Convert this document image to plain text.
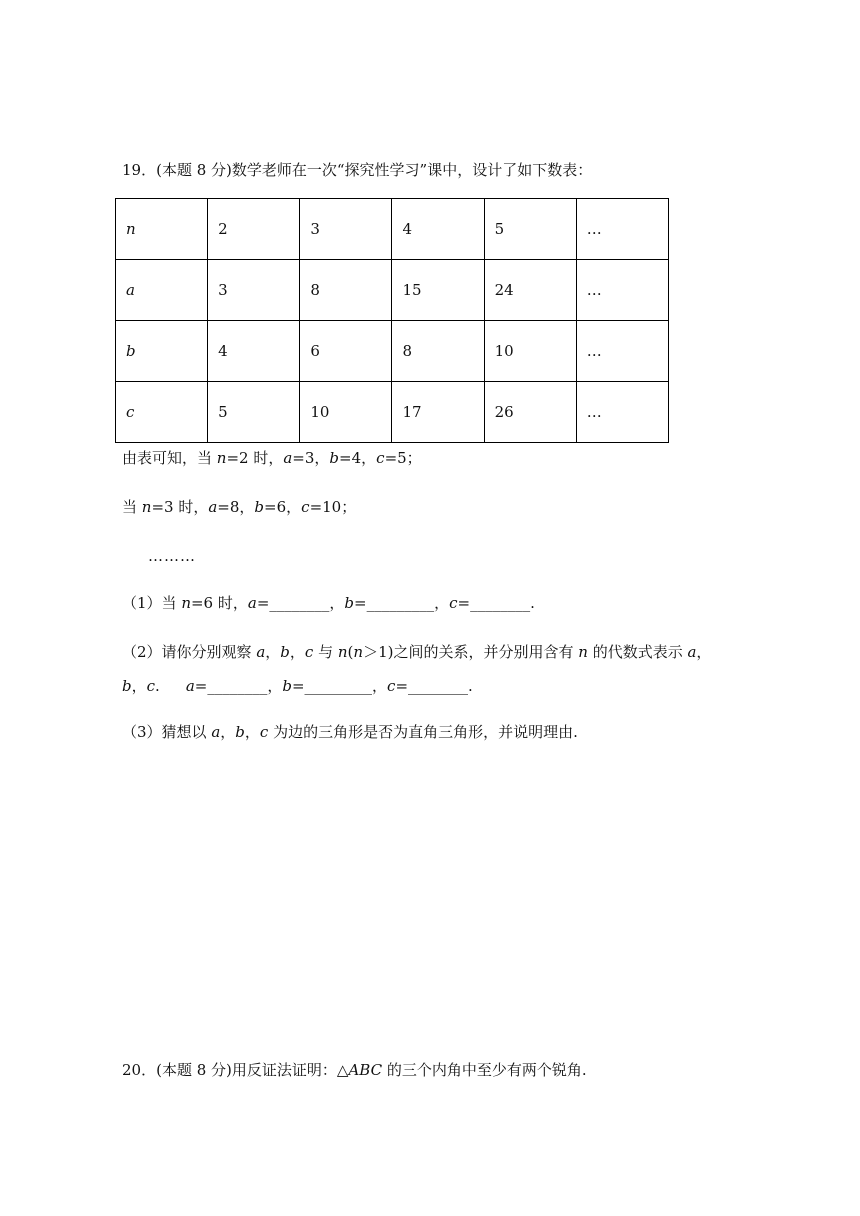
19．(本题 8 分)数学老师在一次“探究性学习”课中，设计了如下数表：
n	2	3	4	5	…
a	3	8	15	24	…
b	4	6	8	10	…
c	5	10	17	26	…
由表可知，当 n=2 时，a=3，b=4，c=5；
当 n=3 时，a=8，b=6，c=10；
………
（1）当 n=6 时，a=________，b=_________，c=________.
（2）请你分别观察 a，b，c 与 n(n＞1)之间的关系，并分别用含有 n 的代数式表示 a，
b，c. a=________，b=_________，c=________.
（3）猜想以 a，b，c 为边的三角形是否为直角三角形，并说明理由.
20．(本题 8 分)用反证法证明：△ABC 的三个内角中至少有两个锐角.
